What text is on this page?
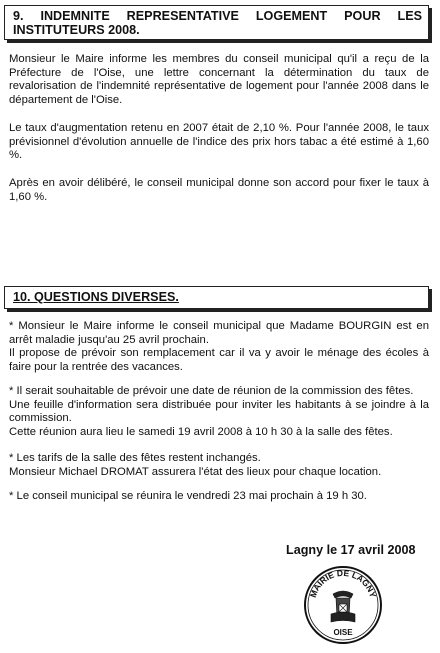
9. INDEMNITE REPRESENTATIVE LOGEMENT POUR LES INSTITUTEURS 2008.
Monsieur le Maire informe les membres du conseil municipal qu'il a reçu de la Préfecture de l'Oise, une lettre concernant la détermination du taux de revalorisation de l'indemnité représentative de logement pour l'année 2008 dans le département de l'Oise.
Le taux d'augmentation retenu en 2007 était de 2,10 %. Pour l'année 2008, le taux prévisionnel d'évolution annuelle de l'indice des prix hors tabac a été estimé à 1,60 %.
Après en avoir délibéré, le conseil municipal donne son accord pour fixer le taux à 1,60 %.
10. QUESTIONS DIVERSES.
* Monsieur le Maire informe le conseil municipal que Madame BOURGIN est en arrêt maladie jusqu'au 25 avril prochain.
Il propose de prévoir son remplacement car il va y avoir le ménage des écoles à faire pour la rentrée des vacances.
* Il serait souhaitable de prévoir une date de réunion de la commission des fêtes.
Une feuille d'information sera distribuée pour inviter les habitants à se joindre à la commission.
Cette réunion aura lieu le samedi 19 avril 2008 à 10 h 30 à la salle des fêtes.
* Les tarifs de la salle des fêtes restent inchangés.
Monsieur Michael DROMAT assurera l'état des lieux pour chaque location.
* Le conseil municipal se réunira le vendredi 23 mai prochain à 19 h 30.
Lagny le 17 avril 2008
MAIRIE DE LAGNY
OISE
